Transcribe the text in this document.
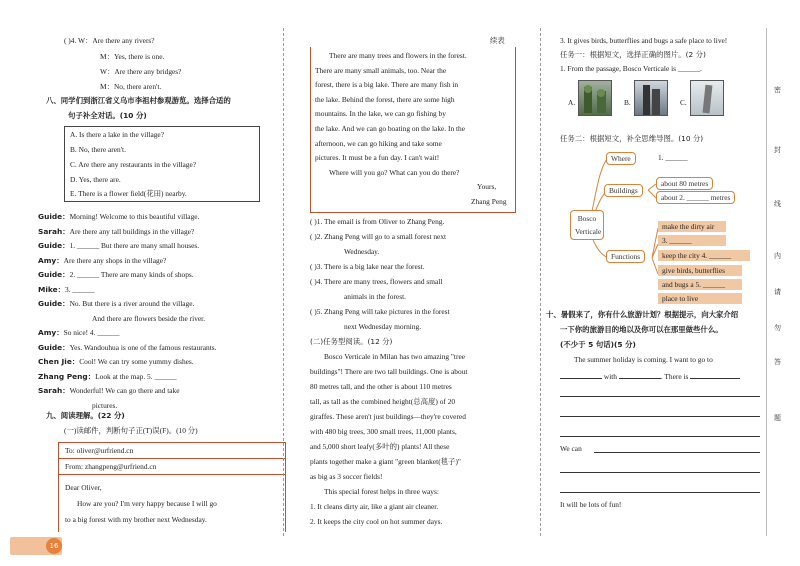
( )4. W：Are there any rivers?
M：Yes, there is one.
W：Are there any bridges?
M：No, there aren't.
八、同学们到浙江省义乌市李祖村参观游览。选择合适的
句子补全对话。(10 分)
A. Is there a lake in the village?
B. No, there aren't.
C. Are there any restaurants in the village?
D. Yes, there are.
E. There is a flower field(花田) nearby.
Guide：Morning! Welcome to this beautiful village.
Sarah：Are there any tall buildings in the village?
Guide：1. ______ But there are many small houses.
Amy：Are there any shops in the village?
Guide：2. ______ There are many kinds of shops.
Mike：3. ______
Guide：No. But there is a river around the village.
And there are flowers beside the river.
Amy：So nice! 4. ______
Guide：Yes. Wandouhua is one of the famous restaurants.
Chen Jie：Cool! We can try some yummy dishes.
Zhang Peng：Look at the map. 5. ______
Sarah：Wonderful! We can go there and take
pictures.
九、阅读理解。(22 分)
(一)读邮件，判断句子正(T)误(F)。(10 分)
To: oliver@urfriend.cn
From: zhangpeng@urfriend.cn
Dear Oliver,
How are you? I'm very happy because I will go
to a big forest with my brother next Wednesday.
续表
There are many trees and flowers in the forest.
There are many small animals, too. Near the
forest, there is a big lake. There are many fish in
the lake. Behind the forest, there are some high
mountains. In the lake, we can go fishing by
the lake. And we can go boating on the lake. In the
afternoon, we can go hiking and take some
pictures. It must be a fun day. I can't wait!
Where will you go? What can you do there?
Yours,
Zhang Peng
( )1. The email is from Oliver to Zhang Peng.
( )2. Zhang Peng will go to a small forest next
Wednesday.
( )3. There is a big lake near the forest.
( )4. There are many trees, flowers and small
animals in the forest.
( )5. Zhang Peng will take pictures in the forest
next Wednesday morning.
(二)任务型阅读。(12 分)
Bosco Verticale in Milan has two amazing "tree
buildings"! There are two tall buildings. One is about
80 metres tall, and the other is about 110 metres
tall, as tall as the combined height(总高度) of 20
giraffes. These aren't just buildings—they're covered
with 480 big trees, 300 small trees, 11,000 plants,
and 5,000 short leafy(多叶的) plants! All these
plants together make a giant "green blanket(毯子)"
as big as 3 soccer fields!
This special forest helps in three ways:
1. It cleans dirty air, like a giant air cleaner.
2. It keeps the city cool on hot summer days.
3. It gives birds, butterflies and bugs a safe place to live!
任务一：根据短文，选择正确的图片。(2 分)
1. From the passage, Bosco Verticale is ______.
A.	B.	C.
任务二：根据短文，补全思维导图。(10 分)
Bosco Verticale
Where	1. ______
Buildings
about 80 metres
about 2. ______ metres
Functions
make the dirty air
3. ______
keep the city 4. ______
give birds, butterflies
and bugs a 5. ______
place to live
十、暑假来了，你有什么旅游计划？根据提示，向大家介绍
一下你的旅游目的地以及你可以在那里做些什么。
(不少于 5 句话)(5 分)
The summer holiday is coming. I want to go to
with	. There is
We can
It will be lots of fun!
密
封
线
内
请
勿
答
题
16
